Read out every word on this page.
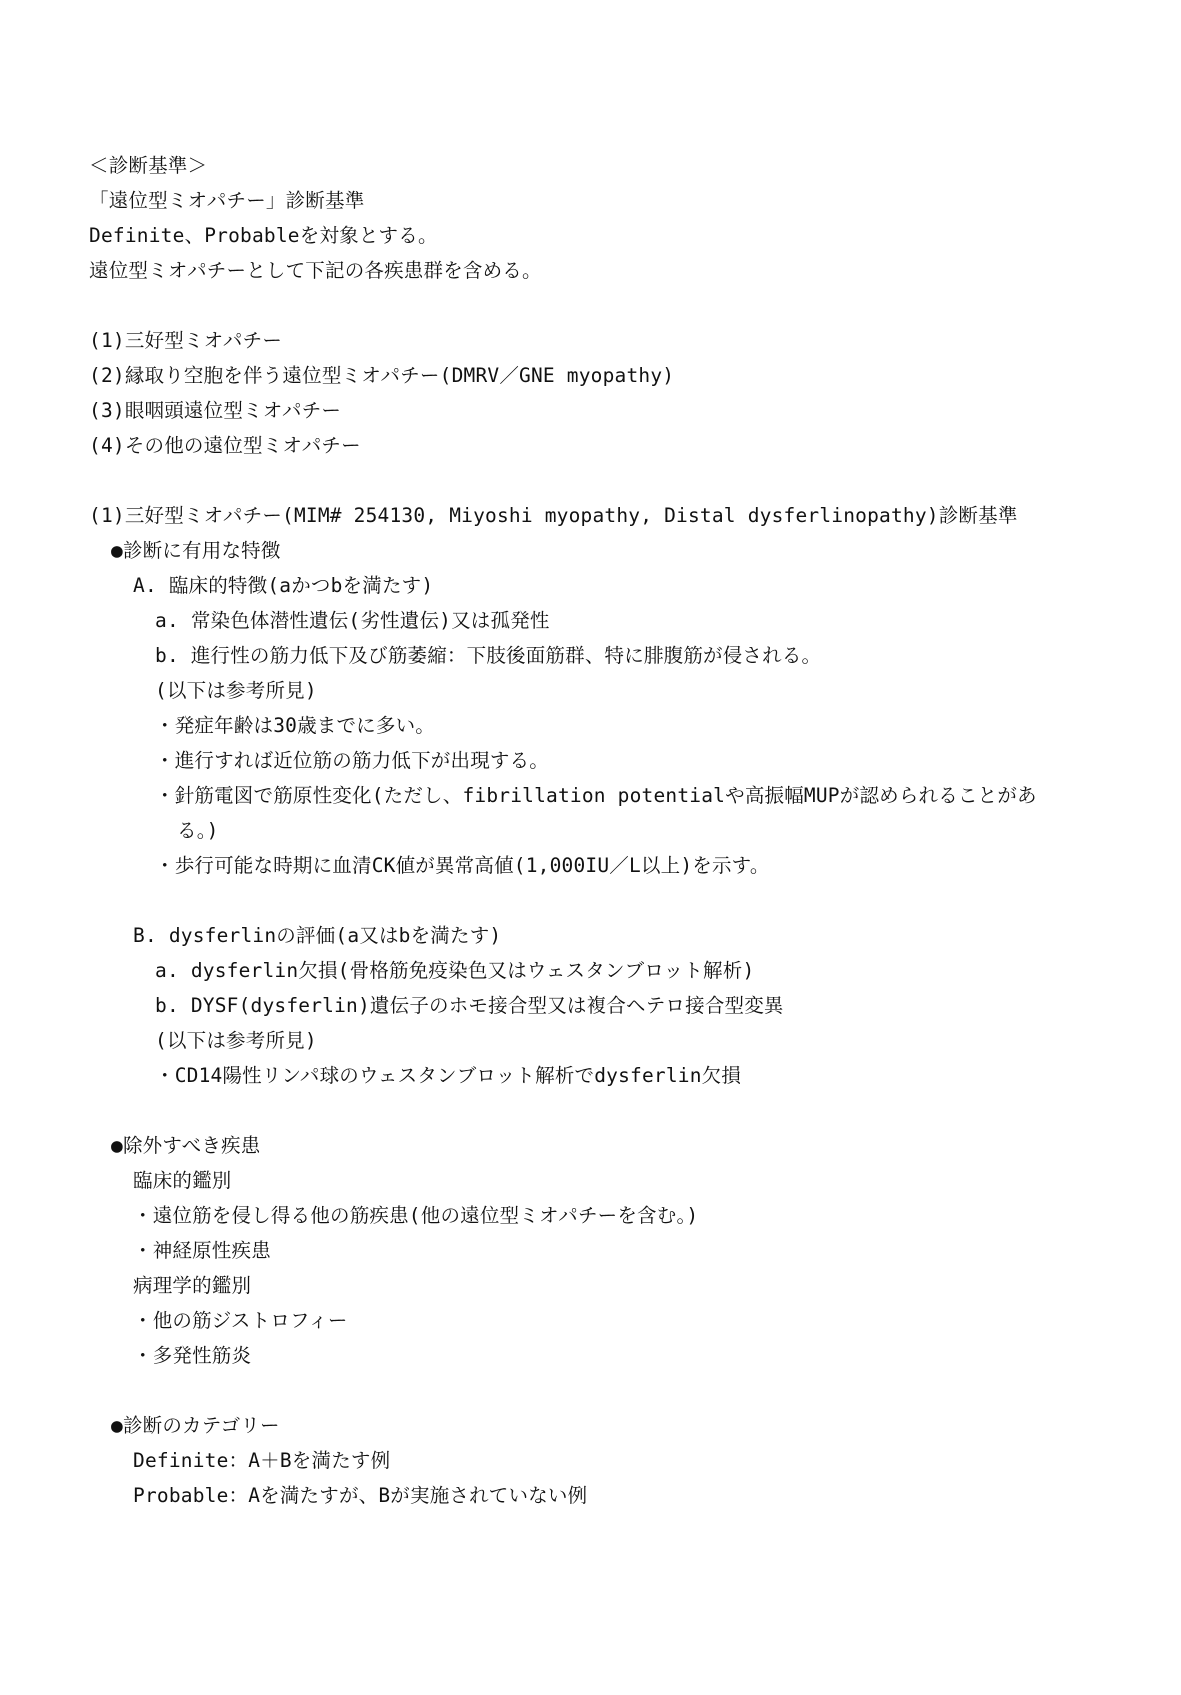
＜診断基準＞
「遠位型ミオパチー」診断基準
Definite、Probableを対象とする。
遠位型ミオパチーとして下記の各疾患群を含める。
(1)三好型ミオパチー
(2)縁取り空胞を伴う遠位型ミオパチー(DMRV／GNE myopathy)
(3)眼咽頭遠位型ミオパチー
(4)その他の遠位型ミオパチー
(1)三好型ミオパチー(MIM# 254130, Miyoshi myopathy, Distal dysferlinopathy)診断基準
●診断に有用な特徴
A. 臨床的特徴(aかつbを満たす)
a. 常染色体潜性遺伝(劣性遺伝)又は孤発性
b. 進行性の筋力低下及び筋萎縮：下肢後面筋群、特に腓腹筋が侵される。
(以下は参考所見)
・発症年齢は30歳までに多い。
・進行すれば近位筋の筋力低下が出現する。
・針筋電図で筋原性変化(ただし、fibrillation potentialや高振幅MUPが認められることがあ
る。)
・歩行可能な時期に血清CK値が異常高値(1,000IU／L以上)を示す。
B. dysferlinの評価(a又はbを満たす)
a. dysferlin欠損(骨格筋免疫染色又はウェスタンブロット解析)
b. DYSF(dysferlin)遺伝子のホモ接合型又は複合ヘテロ接合型変異
(以下は参考所見)
・CD14陽性リンパ球のウェスタンブロット解析でdysferlin欠損
●除外すべき疾患
臨床的鑑別
・遠位筋を侵し得る他の筋疾患(他の遠位型ミオパチーを含む。)
・神経原性疾患
病理学的鑑別
・他の筋ジストロフィー
・多発性筋炎
●診断のカテゴリー
Definite：A＋Bを満たす例
Probable：Aを満たすが、Bが実施されていない例
